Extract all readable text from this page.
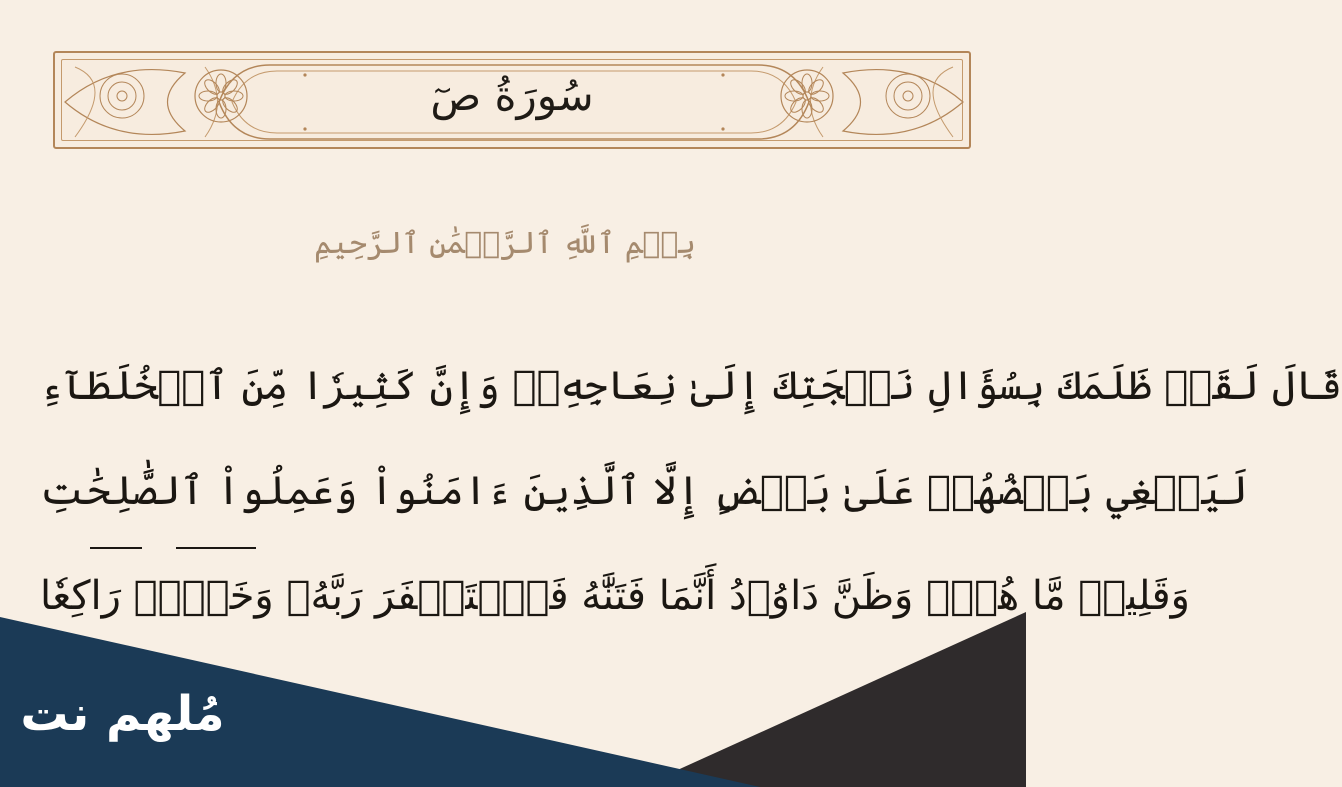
سُورَةُ صٓ
بِسۡمِ ٱللَّهِ ٱلرَّحۡمَٰنِ ٱلرَّحِيمِ
قَالَ لَقَدۡ ظَلَمَكَ بِسُؤَالِ نَعۡجَتِكَ إِلَىٰ نِعَاجِهِۦۖ وَإِنَّ كَثِيرٗا مِّنَ ٱلۡخُلَطَآءِ
لَيَبۡغِي بَعۡضُهُمۡ عَلَىٰ بَعۡضٍ إِلَّا ٱلَّذِينَ ءَامَنُواْ وَعَمِلُواْ ٱلصَّٰلِحَٰتِ
وَقَلِيلٞ مَّا هُمۡۗ وَظَنَّ دَاوُۥدُ أَنَّمَا فَتَنَّٰهُ فَٱسۡتَغۡفَرَ رَبَّهُۥ وَخَرَّۤ رَاكِعٗا
مُلهم نت
